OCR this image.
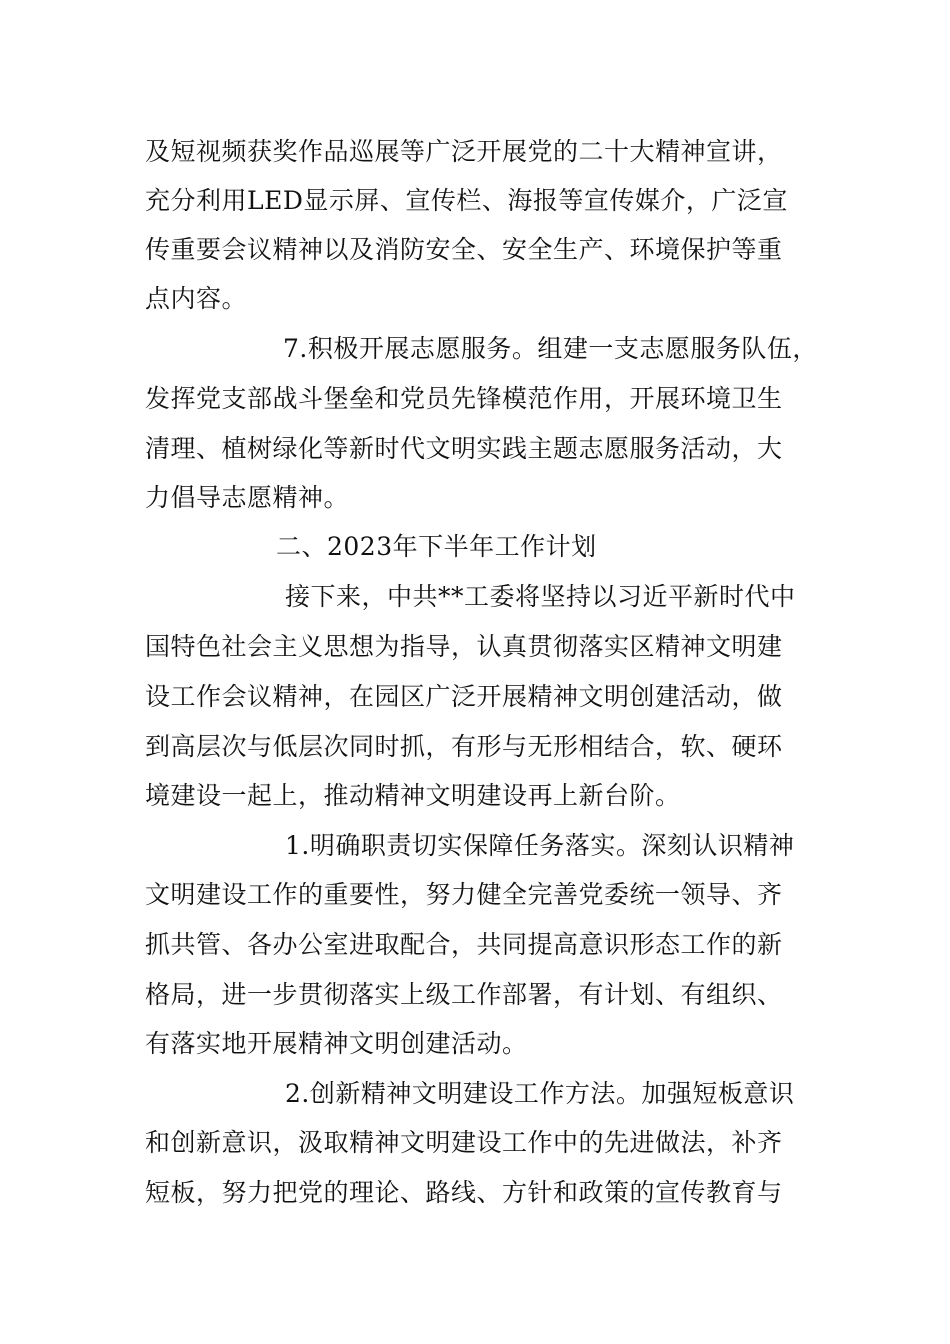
及短视频获奖作品巡展等广泛开展党的二十大精神宣讲，
充分利用LED显示屏、宣传栏、海报等宣传媒介，广泛宣
传重要会议精神以及消防安全、安全生产、环境保护等重
点内容。
7.积极开展志愿服务。组建一支志愿服务队伍，
发挥党支部战斗堡垒和党员先锋模范作用，开展环境卫生
清理、植树绿化等新时代文明实践主题志愿服务活动，大
力倡导志愿精神。
二、2023年下半年工作计划
接下来，中共**工委将坚持以习近平新时代中
国特色社会主义思想为指导，认真贯彻落实区精神文明建
设工作会议精神，在园区广泛开展精神文明创建活动，做
到高层次与低层次同时抓，有形与无形相结合，软、硬环
境建设一起上，推动精神文明建设再上新台阶。
1.明确职责切实保障任务落实。深刻认识精神
文明建设工作的重要性，努力健全完善党委统一领导、齐
抓共管、各办公室进取配合，共同提高意识形态工作的新
格局，进一步贯彻落实上级工作部署，有计划、有组织、
有落实地开展精神文明创建活动。
2.创新精神文明建设工作方法。加强短板意识
和创新意识，汲取精神文明建设工作中的先进做法，补齐
短板，努力把党的理论、路线、方针和政策的宣传教育与
